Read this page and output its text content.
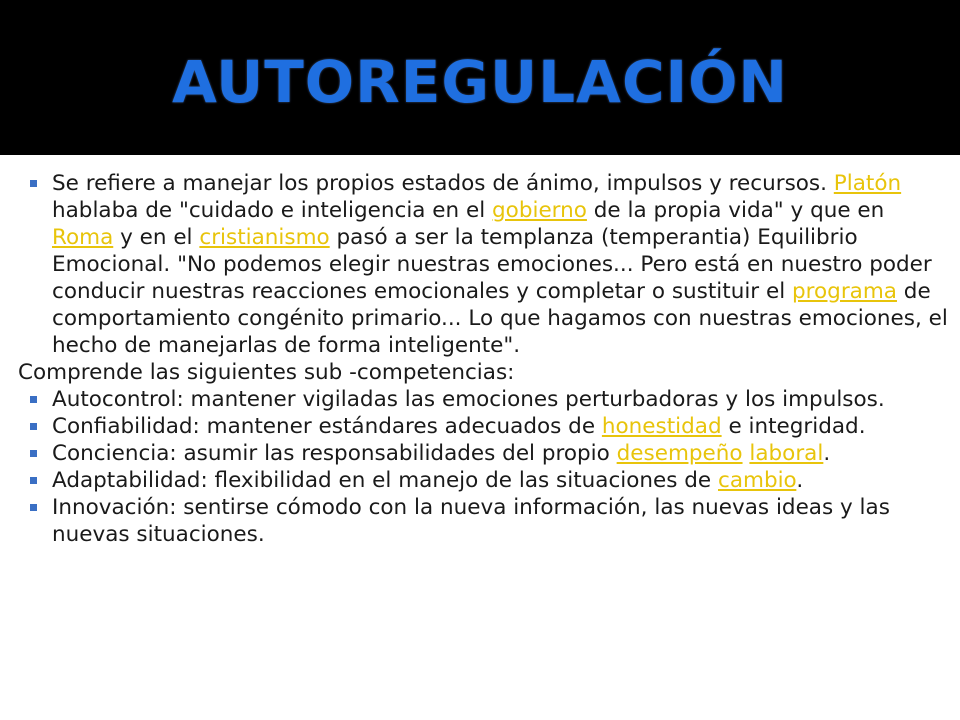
AUTOREGULACIÓN
Se refiere a manejar los propios estados de ánimo, impulsos y recursos. Platón hablaba de "cuidado e inteligencia en el gobierno de la propia vida" y que en Roma y en el cristianismo pasó a ser la templanza (temperantia) Equilibrio Emocional. "No podemos elegir nuestras emociones... Pero está en nuestro poder conducir nuestras reacciones emocionales y completar o sustituir el programa de comportamiento congénito primario... Lo que hagamos con nuestras emociones, el hecho de manejarlas de forma inteligente".
Comprende las siguientes sub -competencias:
Autocontrol: mantener vigiladas las emociones perturbadoras y los impulsos.
Confiabilidad: mantener estándares adecuados de honestidad e integridad.
Conciencia: asumir las responsabilidades del propio desempeño laboral.
Adaptabilidad: flexibilidad en el manejo de las situaciones de cambio.
Innovación: sentirse cómodo con la nueva información, las nuevas ideas y las nuevas situaciones.
